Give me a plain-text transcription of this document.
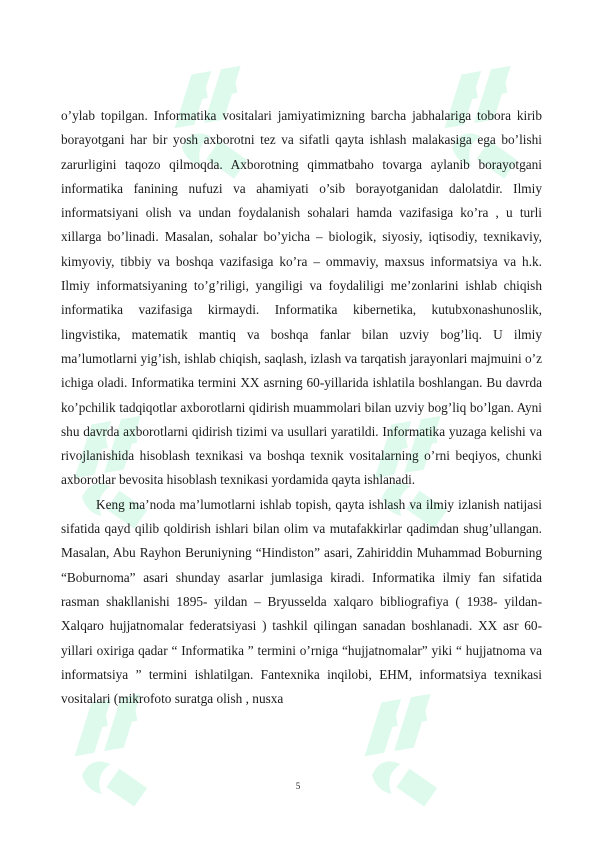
o’ylab topilgan. Informatika vositalari jamiyatimizning barcha jabhalariga tobora kirib borayotgani har bir yosh axborotni tez va sifatli qayta ishlash malakasiga ega bo’lishi zarurligini taqozo qilmoqda. Axborotning qimmatbaho tovarga aylanib borayotgani informatika fanining nufuzi va ahamiyati o’sib borayotganidan dalolatdir. Ilmiy informatsiyani olish va undan foydalanish sohalari hamda vazifasiga ko’ra , u turli xillarga bo’linadi. Masalan, sohalar bo’yicha – biologik, siyosiy, iqtisodiy, texnikaviy, kimyoviy, tibbiy va boshqa vazifasiga ko’ra – ommaviy, maxsus informatsiya va h.k. Ilmiy informatsiyaning to’g’riligi, yangiligi va foydaliligi me’zonlarini ishlab chiqish informatika vazifasiga kirmaydi. Informatika kibernetika, kutubxonashunoslik, lingvistika, matematik mantiq va boshqa fanlar bilan uzviy bog’liq. U ilmiy ma’lumotlarni yig’ish, ishlab chiqish, saqlash, izlash va tarqatish jarayonlari majmuini o’z ichiga oladi. Informatika termini XX asrning 60-yillarida ishlatila boshlangan. Bu davrda ko’pchilik tadqiqotlar axborotlarni qidirish muammolari bilan uzviy bog’liq bo’lgan. Ayni shu davrda axborotlarni qidirish tizimi va usullari yaratildi. Informatika yuzaga kelishi va rivojlanishida hisoblash texnikasi va boshqa texnik vositalarning o’rni beqiyos, chunki axborotlar bevosita hisoblash texnikasi yordamida qayta ishlanadi.

Keng ma’noda ma’lumotlarni ishlab topish, qayta ishlash va ilmiy izlanish natijasi sifatida qayd qilib qoldirish ishlari bilan olim va mutafakkirlar qadimdan shug’ullangan. Masalan, Abu Rayhon Beruniyning “Hindiston” asari, Zahiriddin Muhammad Boburning “Boburnoma” asari shunday asarlar jumlasiga kiradi. Informatika ilmiy fan sifatida rasman shakllanishi 1895- yildan – Bryusselda xalqaro bibliografiya ( 1938- yildan-Xalqaro hujjatnomalar federatsiyasi ) tashkil qilingan sanadan boshlanadi. XX asr 60- yillari oxiriga qadar “ Informatika ” termini o’rniga “hujjatnomalar” yiki “ hujjatnoma va informatsiya ” termini ishlatilgan. Fantexnika inqilobi, EHM, informatsiya texnikasi vositalari (mikrofoto suratga olish , nusxa

5
